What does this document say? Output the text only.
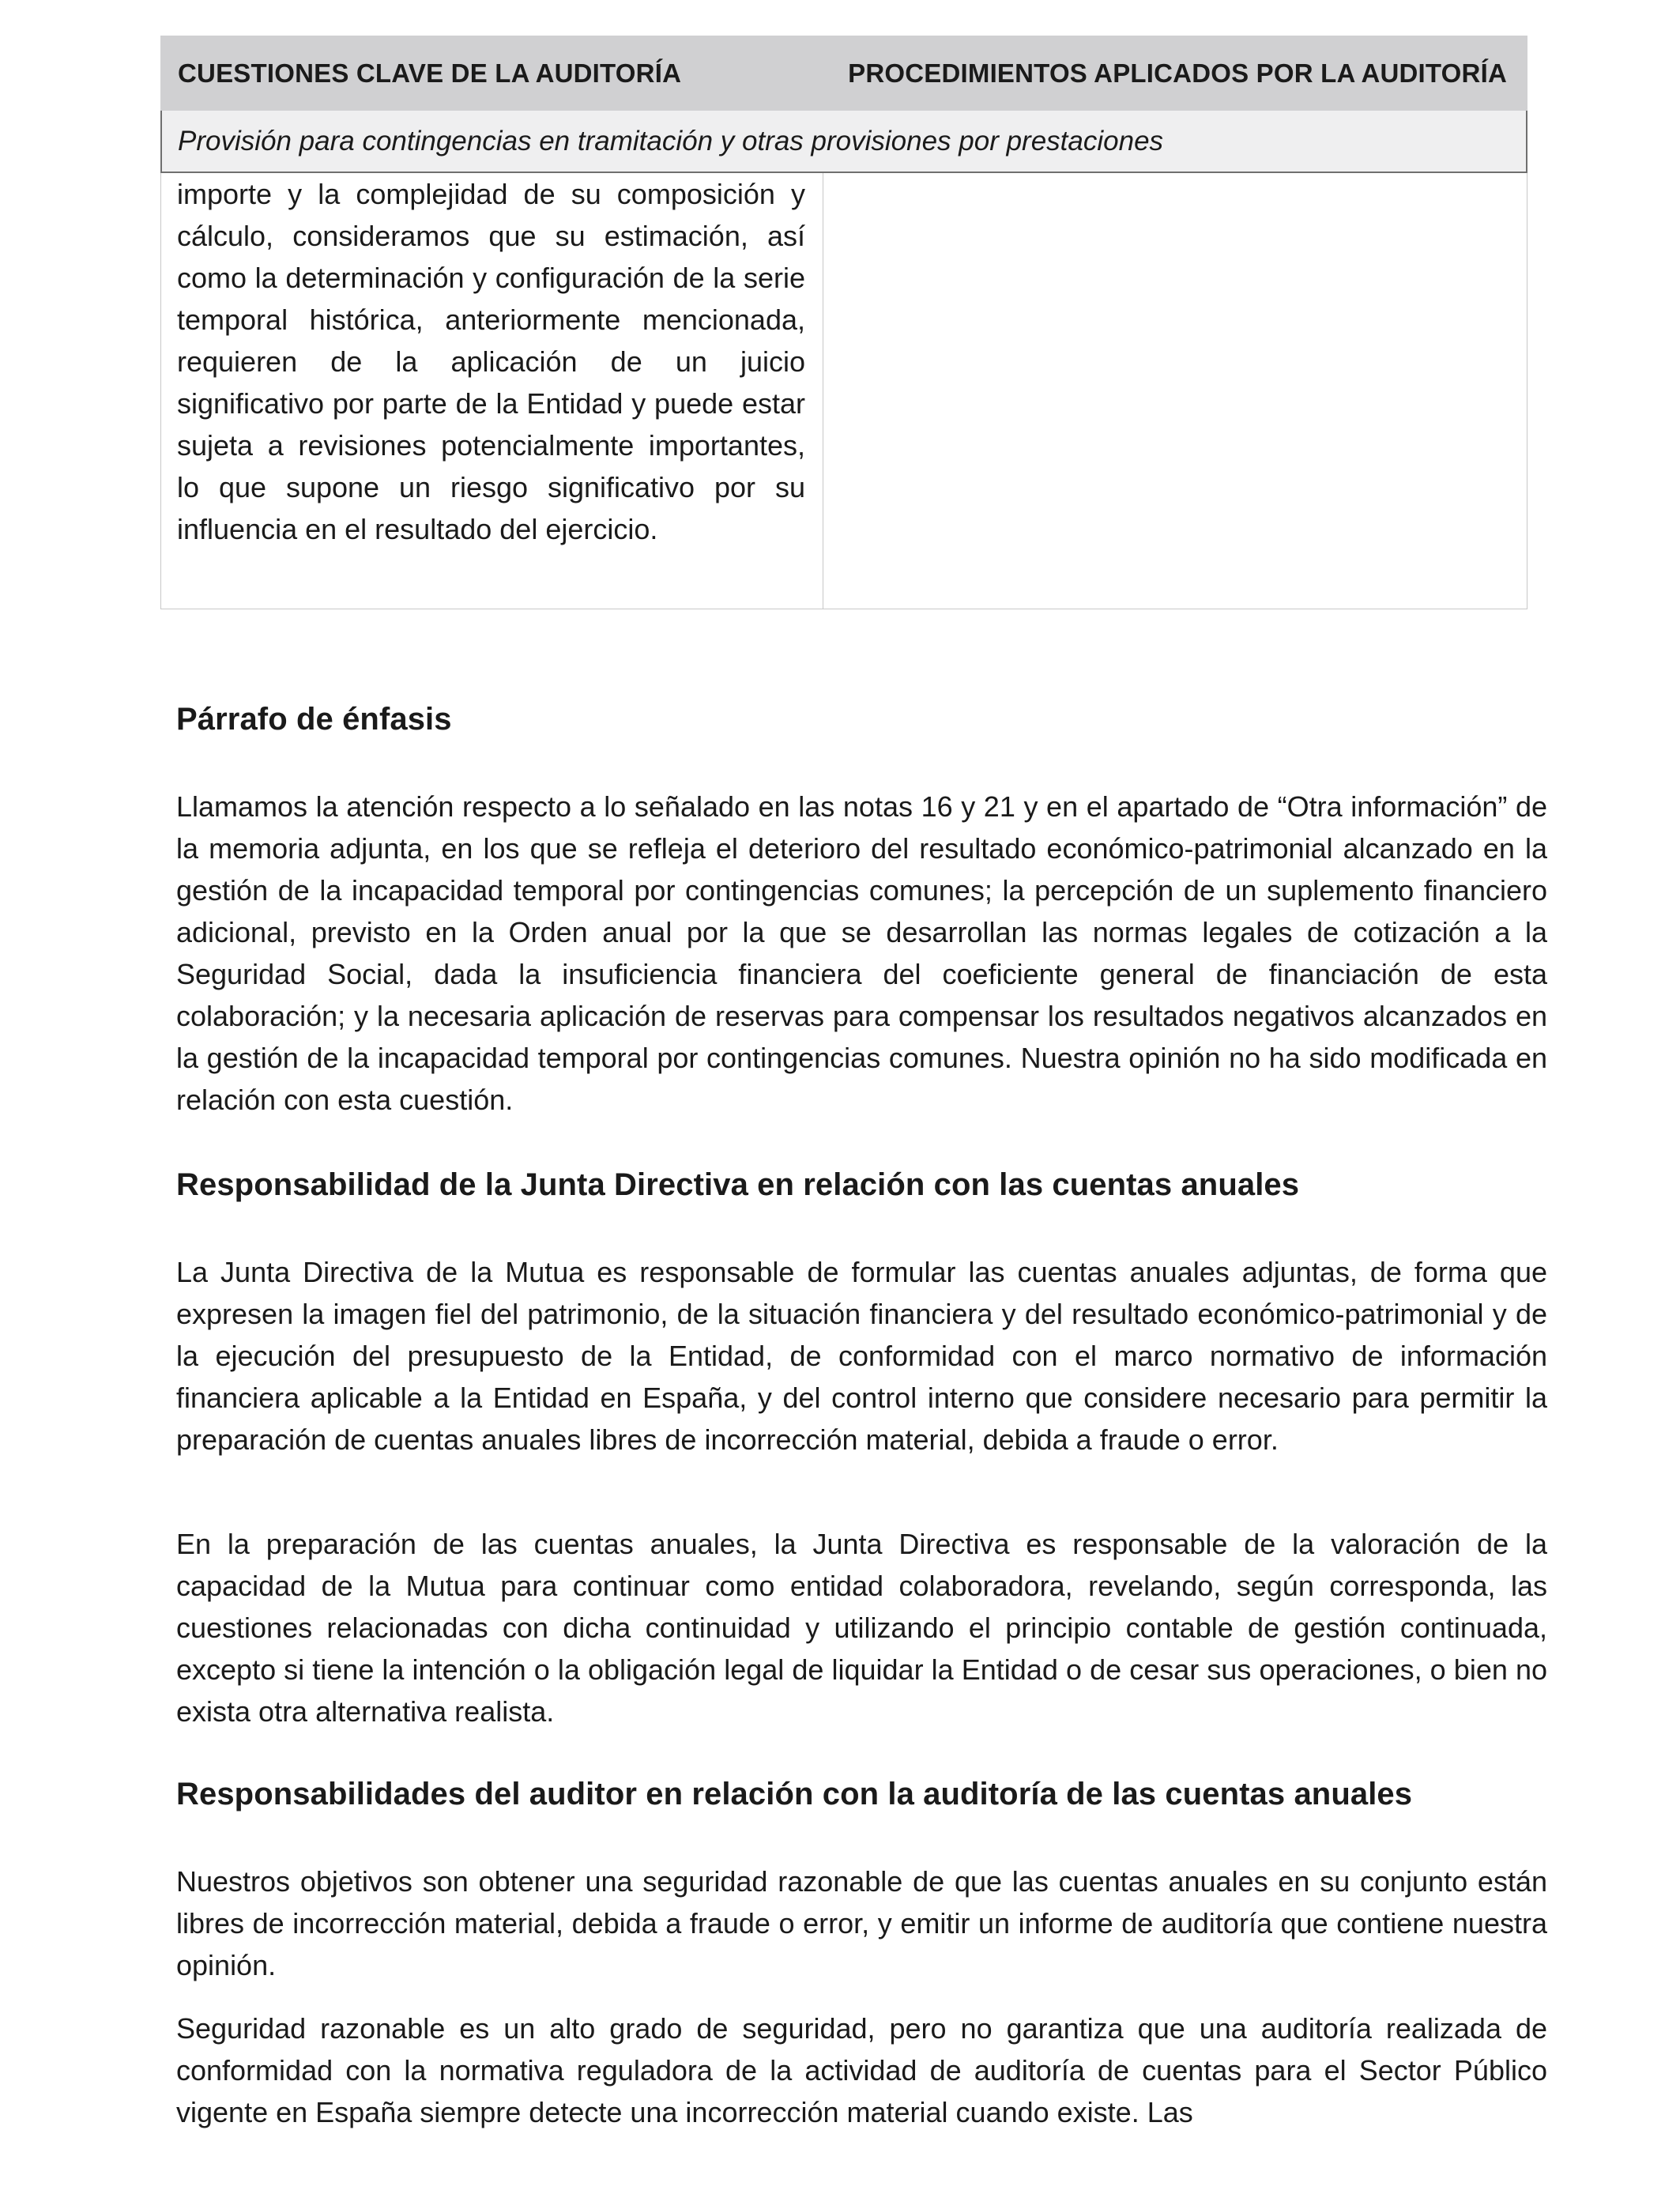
CUESTIONES CLAVE DE LA AUDITORÍA	PROCEDIMIENTOS APLICADOS POR LA AUDITORÍA
Provisión para contingencias en tramitación y otras provisiones por prestaciones
importe y la complejidad de su composición y cálculo, consideramos que su estimación, así como la determinación y configuración de la serie temporal histórica, anteriormente mencionada, requieren de la aplicación de un juicio significativo por parte de la Entidad y puede estar sujeta a revisiones potencialmente importantes, lo que supone un riesgo significativo por su influencia en el resultado del ejercicio.
Párrafo de énfasis

Llamamos la atención respecto a lo señalado en las notas 16 y 21 y en el apartado de “Otra información” de la memoria adjunta, en los que se refleja el deterioro del resultado económico-patrimonial alcanzado en la gestión de la incapacidad temporal por contingencias comunes; la percepción de un suplemento financiero adicional, previsto en la Orden anual por la que se desarrollan las normas legales de cotización a la Seguridad Social, dada la insuficiencia financiera del coeficiente general de financiación de esta colaboración; y la necesaria aplicación de reservas para compensar los resultados negativos alcanzados en la gestión de la incapacidad temporal por contingencias comunes. Nuestra opinión no ha sido modificada en relación con esta cuestión.

Responsabilidad de la Junta Directiva en relación con las cuentas anuales

La Junta Directiva de la Mutua es responsable de formular las cuentas anuales adjuntas, de forma que expresen la imagen fiel del patrimonio, de la situación financiera y del resultado económico-patrimonial y de la ejecución del presupuesto de la Entidad, de conformidad con el marco normativo de información financiera aplicable a la Entidad en España, y del control interno que considere necesario para permitir la preparación de cuentas anuales libres de incorrección material, debida a fraude o error.

En la preparación de las cuentas anuales, la Junta Directiva es responsable de la valoración de la capacidad de la Mutua para continuar como entidad colaboradora, revelando, según corresponda, las cuestiones relacionadas con dicha continuidad y utilizando el principio contable de gestión continuada, excepto si tiene la intención o la obligación legal de liquidar la Entidad o de cesar sus operaciones, o bien no exista otra alternativa realista.

Responsabilidades del auditor en relación con la auditoría de las cuentas anuales

Nuestros objetivos son obtener una seguridad razonable de que las cuentas anuales en su conjunto están libres de incorrección material, debida a fraude o error, y emitir un informe de auditoría que contiene nuestra opinión.

Seguridad razonable es un alto grado de seguridad, pero no garantiza que una auditoría realizada de conformidad con la normativa reguladora de la actividad de auditoría de cuentas para el Sector Público vigente en España siempre detecte una incorrección material cuando existe. Las
